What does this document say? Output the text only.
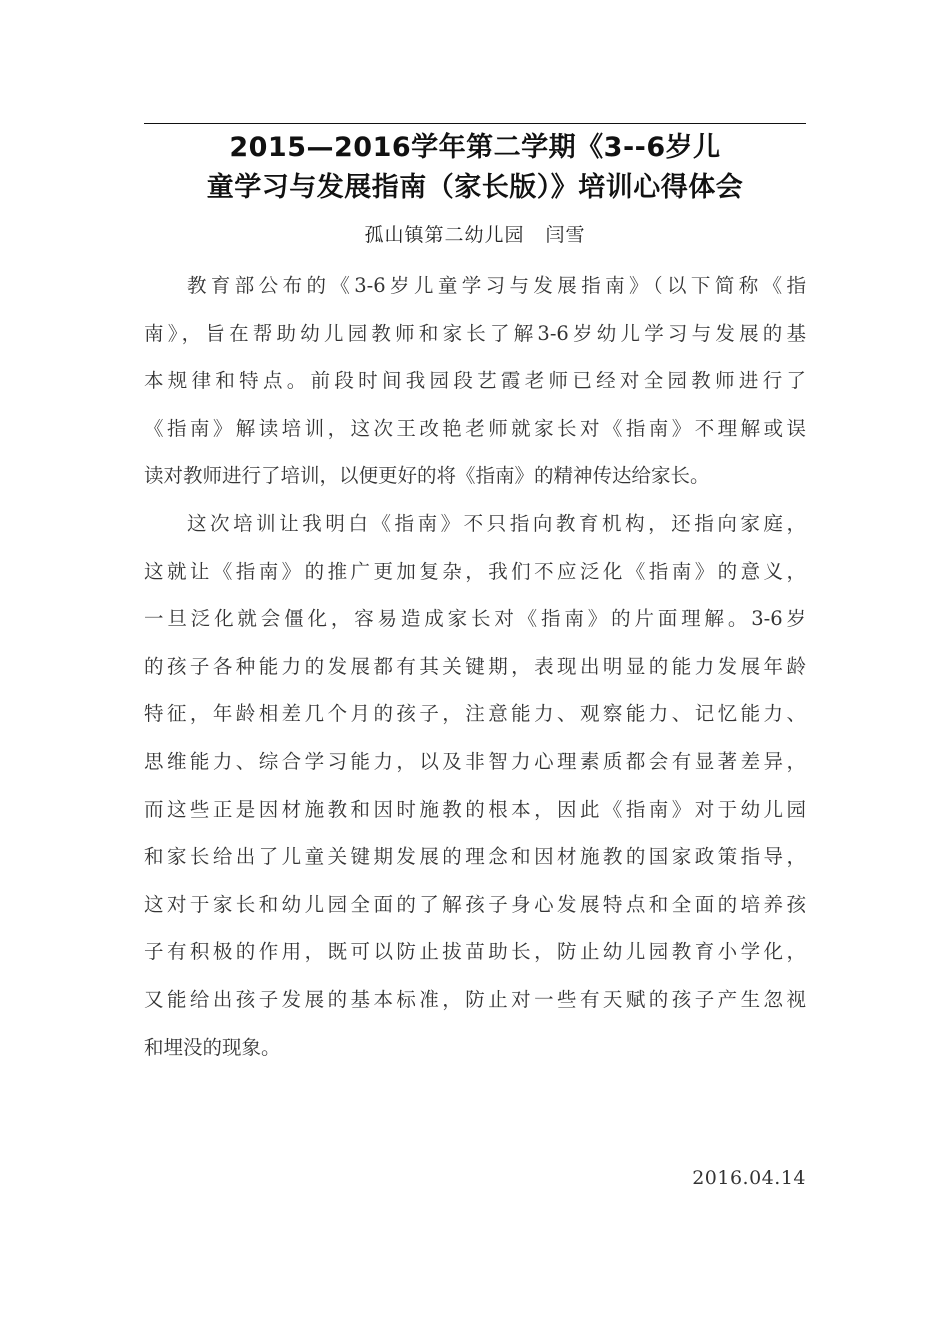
2015—2016学年第二学期《3--6岁儿
童学习与发展指南（家长版）》培训心得体会
孤山镇第二幼儿园   闫雪

教育部公布的《3-6岁儿童学习与发展指南》（以下简称《指
南》，旨在帮助幼儿园教师和家长了解3-6岁幼儿学习与发展的基
本规律和特点。前段时间我园段艺霞老师已经对全园教师进行了
《指南》解读培训，这次王改艳老师就家长对《指南》不理解或误
读对教师进行了培训，以便更好的将《指南》的精神传达给家长。

这次培训让我明白《指南》不只指向教育机构，还指向家庭，
这就让《指南》的推广更加复杂，我们不应泛化《指南》的意义，
一旦泛化就会僵化，容易造成家长对《指南》的片面理解。3-6岁
的孩子各种能力的发展都有其关键期，表现出明显的能力发展年龄
特征，年龄相差几个月的孩子，注意能力、观察能力、记忆能力、
思维能力、综合学习能力，以及非智力心理素质都会有显著差异，
而这些正是因材施教和因时施教的根本，因此《指南》对于幼儿园
和家长给出了儿童关键期发展的理念和因材施教的国家政策指导，
这对于家长和幼儿园全面的了解孩子身心发展特点和全面的培养孩
子有积极的作用，既可以防止拔苗助长，防止幼儿园教育小学化，
又能给出孩子发展的基本标准，防止对一些有天赋的孩子产生忽视
和埋没的现象。

2016.04.14
